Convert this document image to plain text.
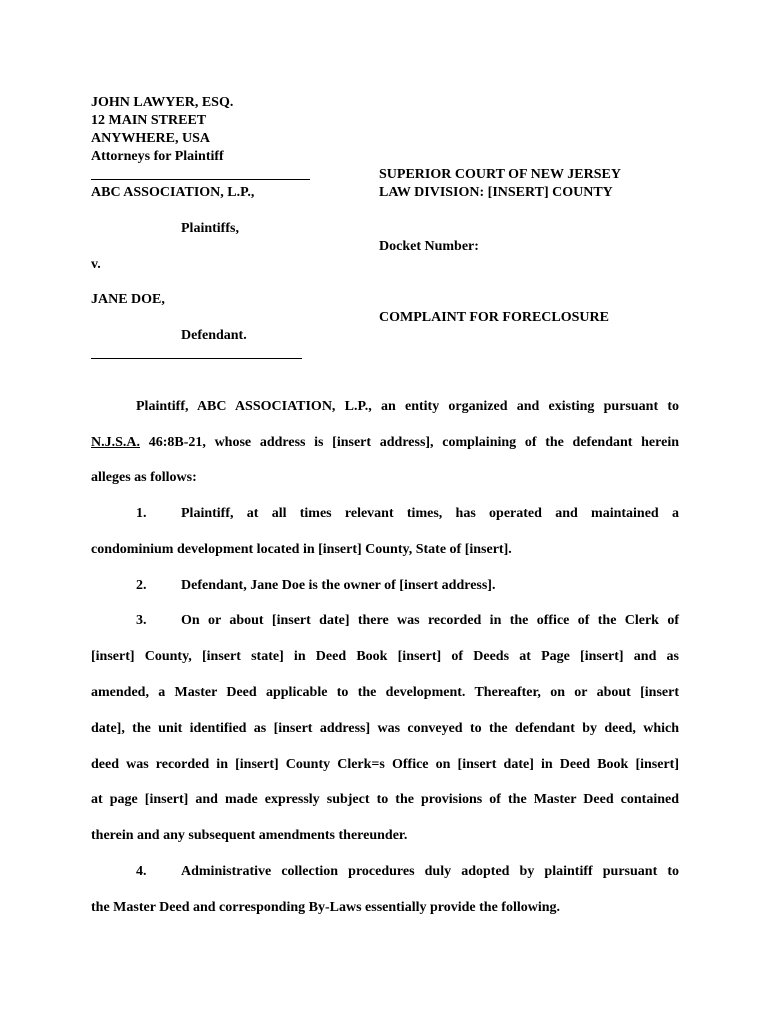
JOHN LAWYER, ESQ.
12 MAIN STREET
ANYWHERE, USA
Attorneys for Plaintiff
ABC ASSOCIATION, L.P.,
Plaintiffs,
v.
JANE DOE,
Defendant.
SUPERIOR COURT OF NEW JERSEY
LAW DIVISION: [INSERT] COUNTY
Docket Number:
COMPLAINT FOR FORECLOSURE
Plaintiff, ABC ASSOCIATION, L.P., an entity organized and existing pursuant to
N.J.S.A. 46:8B-21, whose address is [insert address], complaining of the defendant herein
alleges as follows:
1. Plaintiff, at all times relevant times, has operated and maintained a
condominium development located in [insert] County, State of [insert].
2. Defendant, Jane Doe is the owner of [insert address].
3. On or about [insert date] there was recorded in the office of the Clerk of
[insert] County, [insert state] in Deed Book [insert] of Deeds at Page [insert] and as
amended, a Master Deed applicable to the development. Thereafter, on or about [insert
date], the unit identified as [insert address] was conveyed to the defendant by deed, which
deed was recorded in [insert] County Clerk=s Office on [insert date] in Deed Book [insert]
at page [insert] and made expressly subject to the provisions of the Master Deed contained
therein and any subsequent amendments thereunder.
4. Administrative collection procedures duly adopted by plaintiff pursuant to
the Master Deed and corresponding By-Laws essentially provide the following.
